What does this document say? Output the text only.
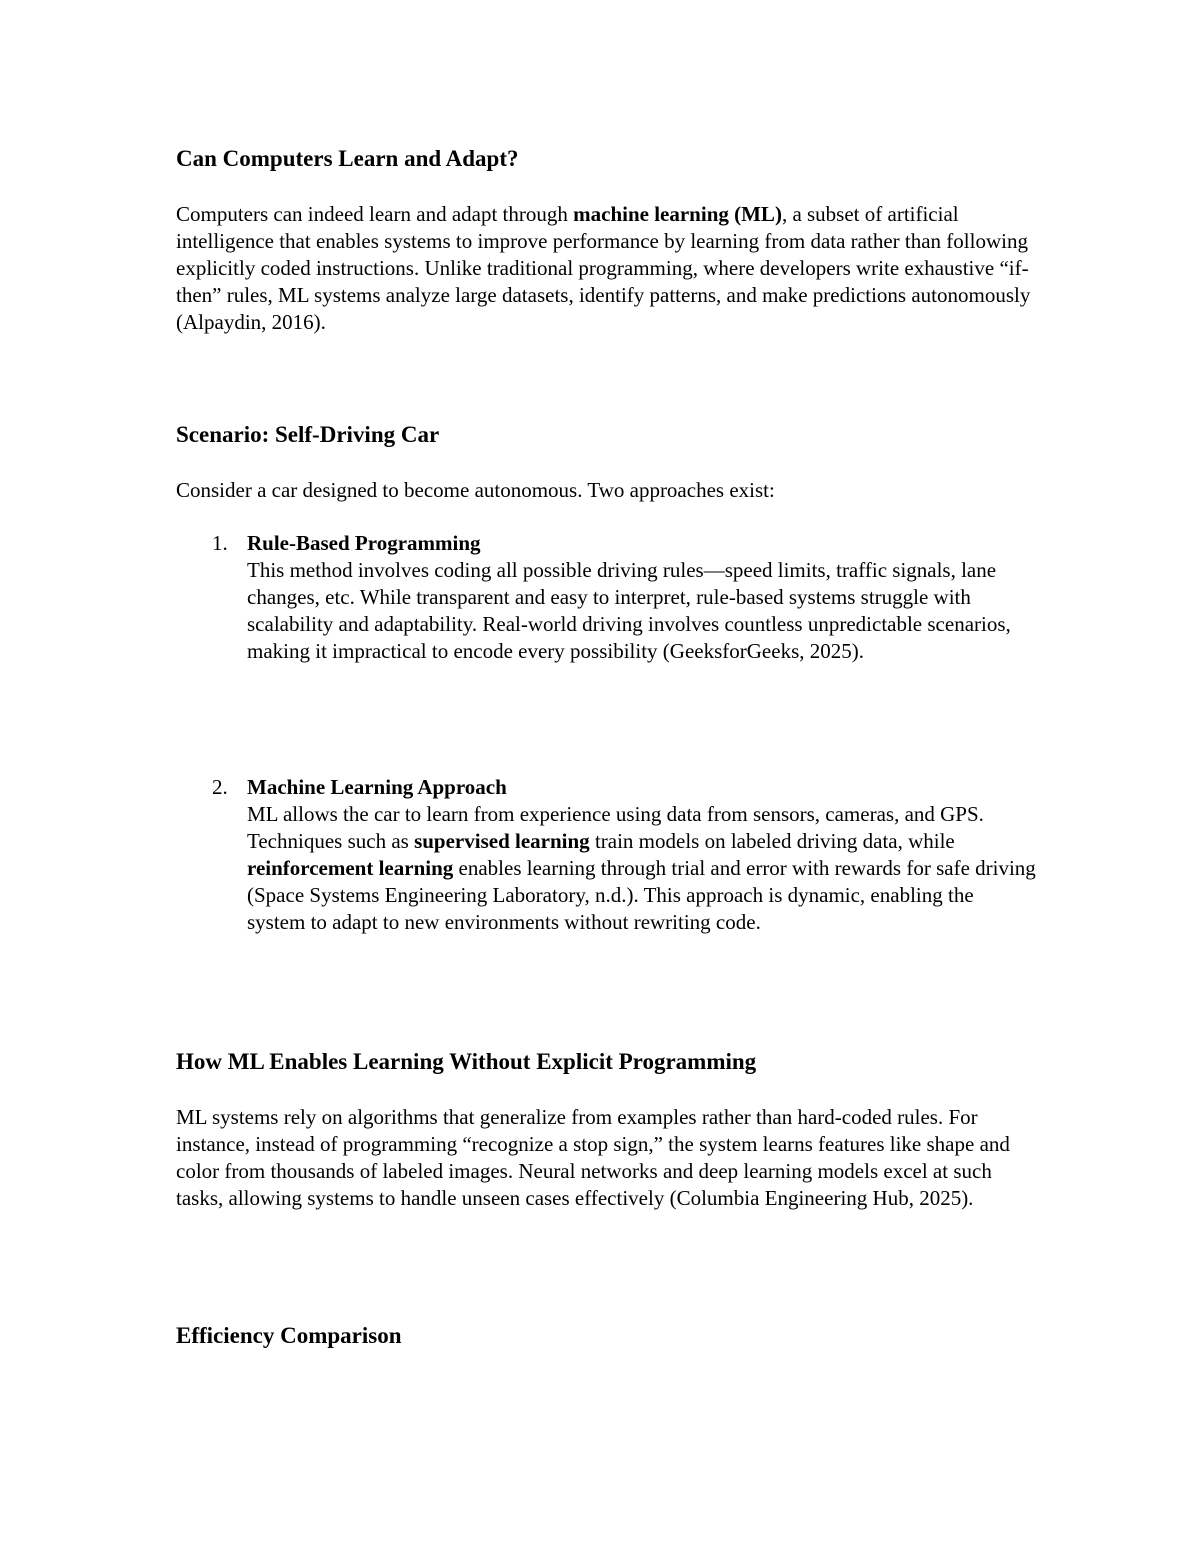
Can Computers Learn and Adapt?

Computers can indeed learn and adapt through machine learning (ML), a subset of artificial intelligence that enables systems to improve performance by learning from data rather than following explicitly coded instructions. Unlike traditional programming, where developers write exhaustive “if-then” rules, ML systems analyze large datasets, identify patterns, and make predictions autonomously (Alpaydin, 2016).

Scenario: Self-Driving Car

Consider a car designed to become autonomous. Two approaches exist:

1. Rule-Based Programming
This method involves coding all possible driving rules—speed limits, traffic signals, lane changes, etc. While transparent and easy to interpret, rule-based systems struggle with scalability and adaptability. Real-world driving involves countless unpredictable scenarios, making it impractical to encode every possibility (GeeksforGeeks, 2025).
2. Machine Learning Approach
ML allows the car to learn from experience using data from sensors, cameras, and GPS. Techniques such as supervised learning train models on labeled driving data, while reinforcement learning enables learning through trial and error with rewards for safe driving (Space Systems Engineering Laboratory, n.d.). This approach is dynamic, enabling the system to adapt to new environments without rewriting code.
How ML Enables Learning Without Explicit Programming

ML systems rely on algorithms that generalize from examples rather than hard-coded rules. For instance, instead of programming “recognize a stop sign,” the system learns features like shape and color from thousands of labeled images. Neural networks and deep learning models excel at such tasks, allowing systems to handle unseen cases effectively (Columbia Engineering Hub, 2025).

Efficiency Comparison
